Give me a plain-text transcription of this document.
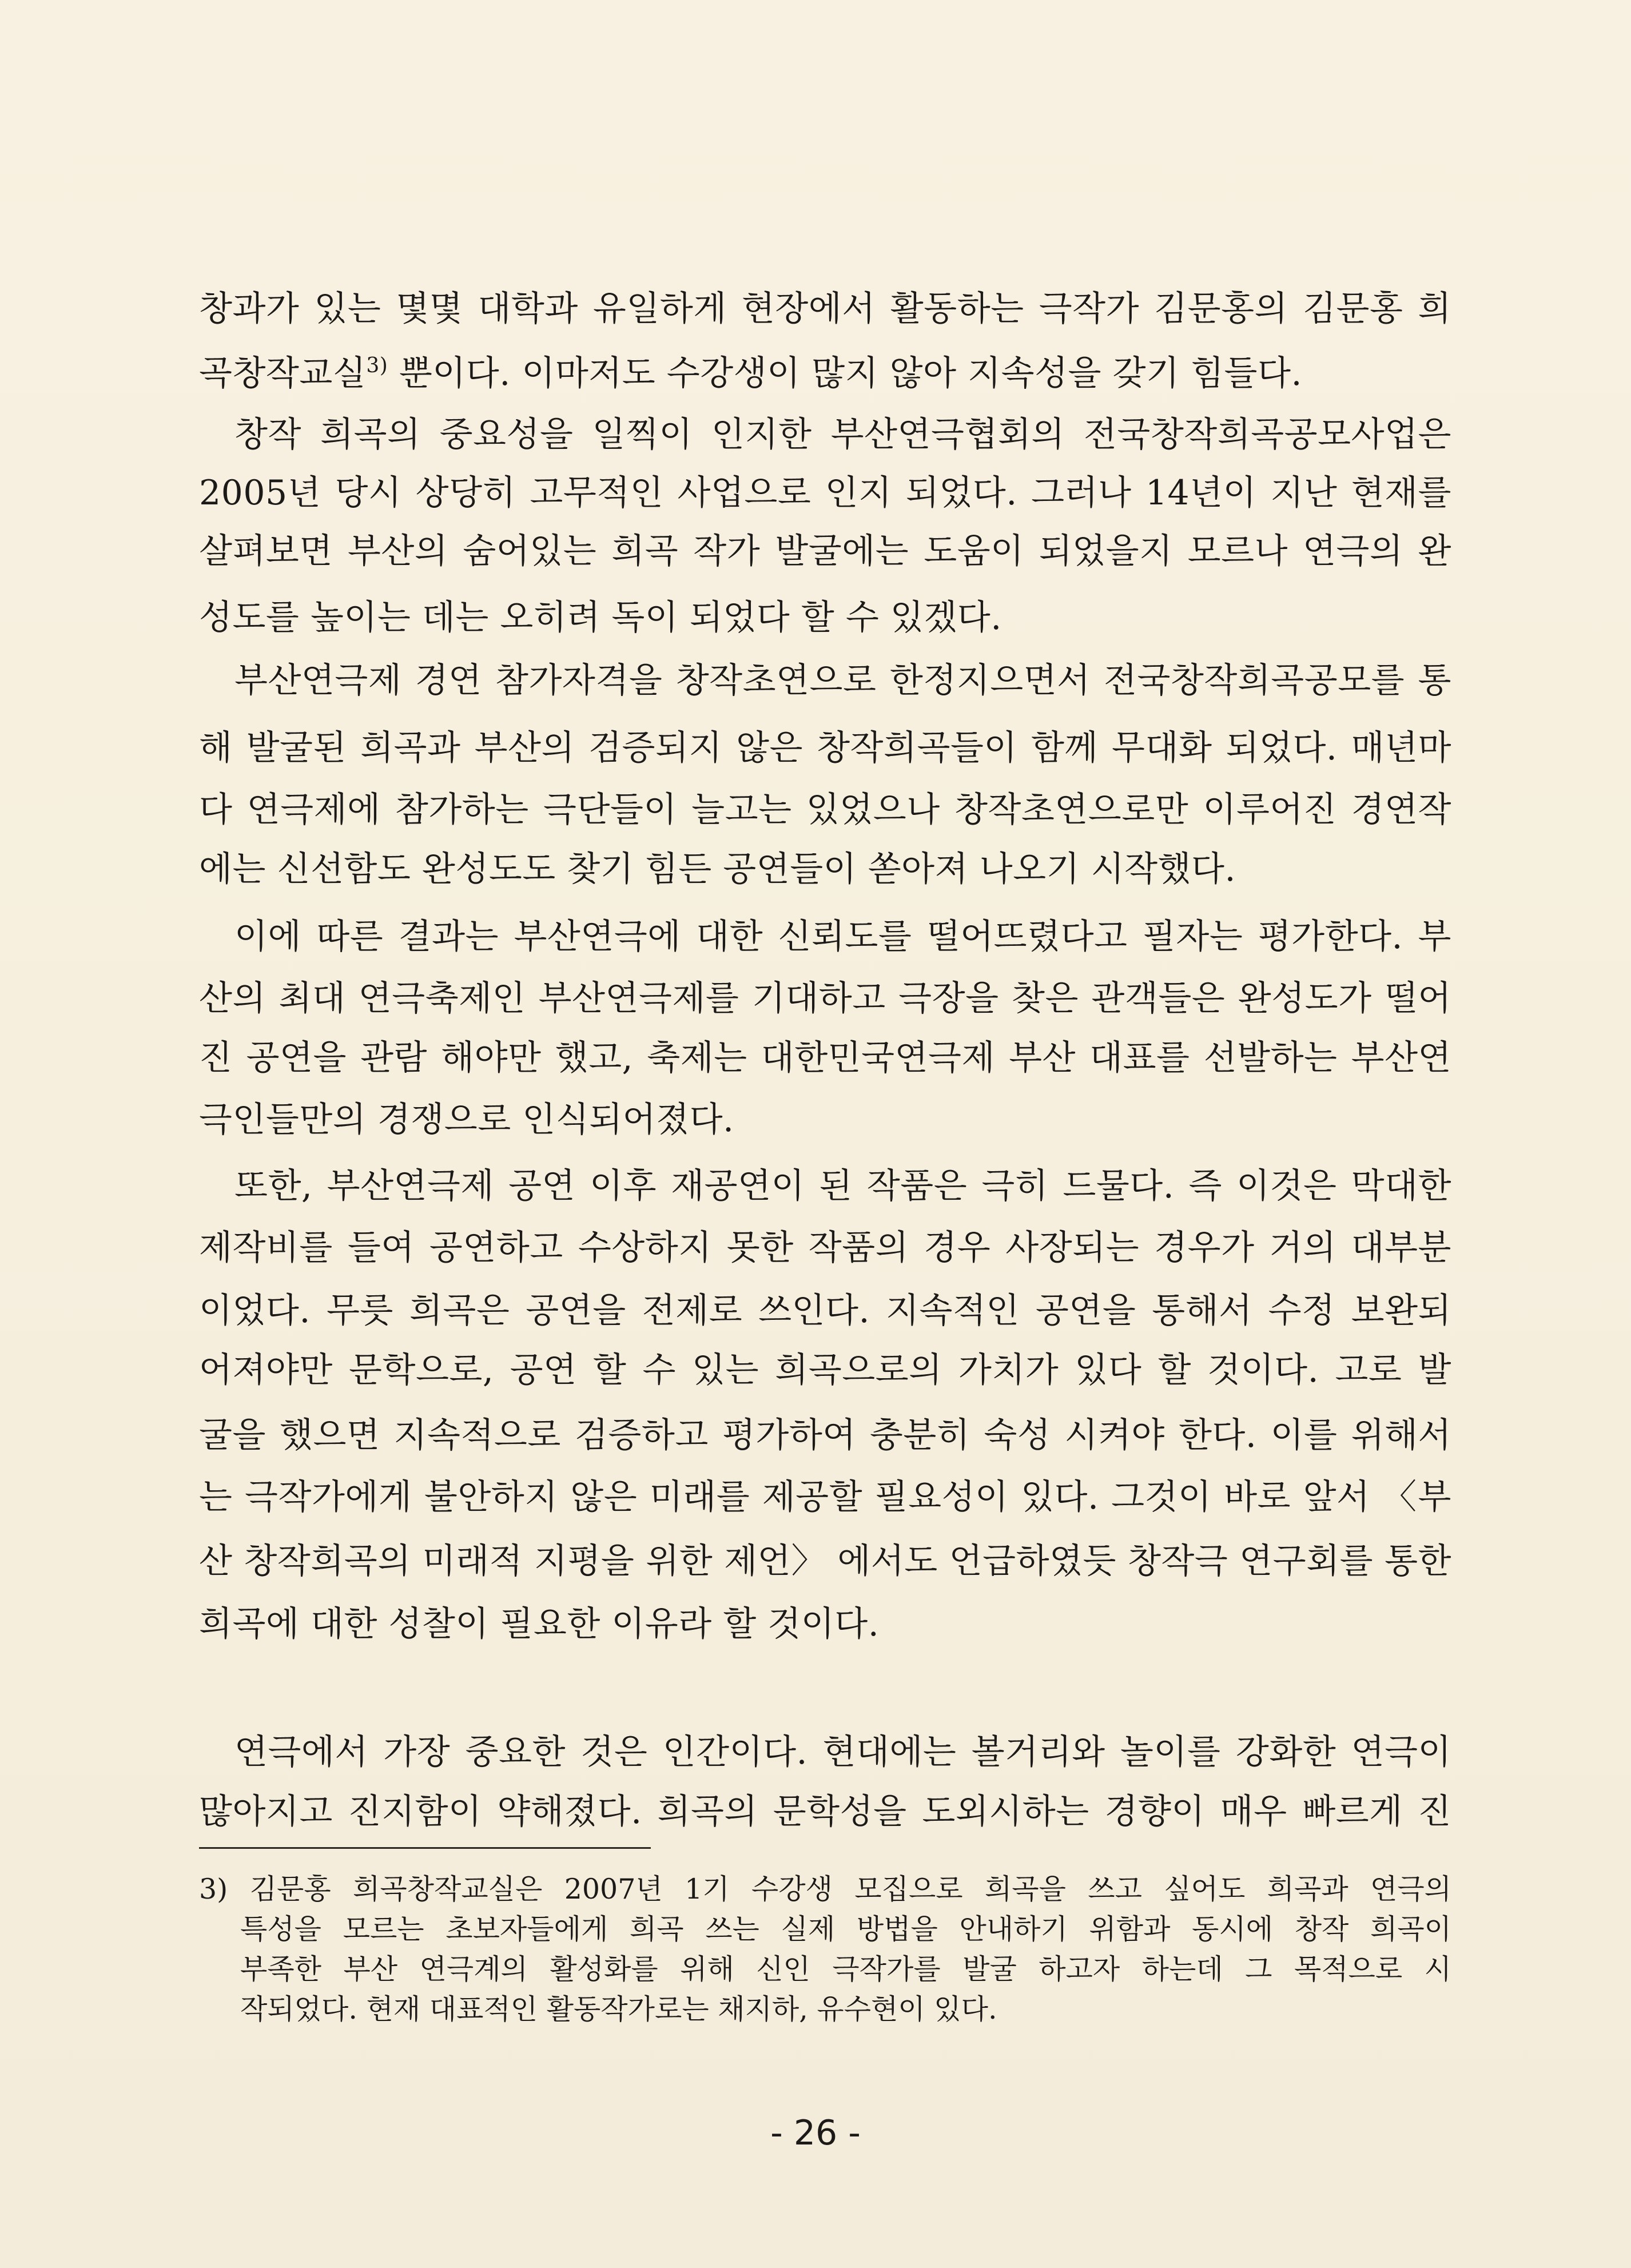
창과가 있는 몇몇 대학과 유일하게 현장에서 활동하는 극작가 김문홍의 김문홍 희
곡창작교실$^{3)}$ 뿐이다. 이마저도 수강생이 많지 않아 지속성을 갖기 힘들다.
창작 희곡의 중요성을 일찍이 인지한 부산연극협회의 전국창작희곡공모사업은
2005년 당시 상당히 고무적인 사업으로 인지 되었다. 그러나 14년이 지난 현재를
살펴보면 부산의 숨어있는 희곡 작가 발굴에는 도움이 되었을지 모르나 연극의 완
성도를 높이는 데는 오히려 독이 되었다 할 수 있겠다.
부산연극제 경연 참가자격을 창작초연으로 한정지으면서 전국창작희곡공모를 통
해 발굴된 희곡과 부산의 검증되지 않은 창작희곡들이 함께 무대화 되었다. 매년마
다 연극제에 참가하는 극단들이 늘고는 있었으나 창작초연으로만 이루어진 경연작
에는 신선함도 완성도도 찾기 힘든 공연들이 쏟아져 나오기 시작했다.
이에 따른 결과는 부산연극에 대한 신뢰도를 떨어뜨렸다고 필자는 평가한다. 부
산의 최대 연극축제인 부산연극제를 기대하고 극장을 찾은 관객들은 완성도가 떨어
진 공연을 관람 해야만 했고, 축제는 대한민국연극제 부산 대표를 선발하는 부산연
극인들만의 경쟁으로 인식되어졌다.
또한, 부산연극제 공연 이후 재공연이 된 작품은 극히 드물다. 즉 이것은 막대한
제작비를 들여 공연하고 수상하지 못한 작품의 경우 사장되는 경우가 거의 대부분
이었다. 무릇 희곡은 공연을 전제로 쓰인다. 지속적인 공연을 통해서 수정 보완되
어져야만 문학으로, 공연 할 수 있는 희곡으로의 가치가 있다 할 것이다. 고로 발
굴을 했으면 지속적으로 검증하고 평가하여 충분히 숙성 시켜야 한다. 이를 위해서
는 극작가에게 불안하지 않은 미래를 제공할 필요성이 있다. 그것이 바로 앞서 〈부
산 창작희곡의 미래적 지평을 위한 제언〉 에서도 언급하였듯 창작극 연구회를 통한
희곡에 대한 성찰이 필요한 이유라 할 것이다.
연극에서 가장 중요한 것은 인간이다. 현대에는 볼거리와 놀이를 강화한 연극이
많아지고 진지함이 약해졌다. 희곡의 문학성을 도외시하는 경향이 매우 빠르게 진
3) 김문홍 희곡창작교실은 2007년 1기 수강생 모집으로 희곡을 쓰고 싶어도 희곡과 연극의
특성을 모르는 초보자들에게 희곡 쓰는 실제 방법을 안내하기 위함과 동시에 창작 희곡이
부족한 부산 연극계의 활성화를 위해 신인 극작가를 발굴 하고자 하는데 그 목적으로 시
작되었다. 현재 대표적인 활동작가로는 채지하, 유수현이 있다.
- 26 -
